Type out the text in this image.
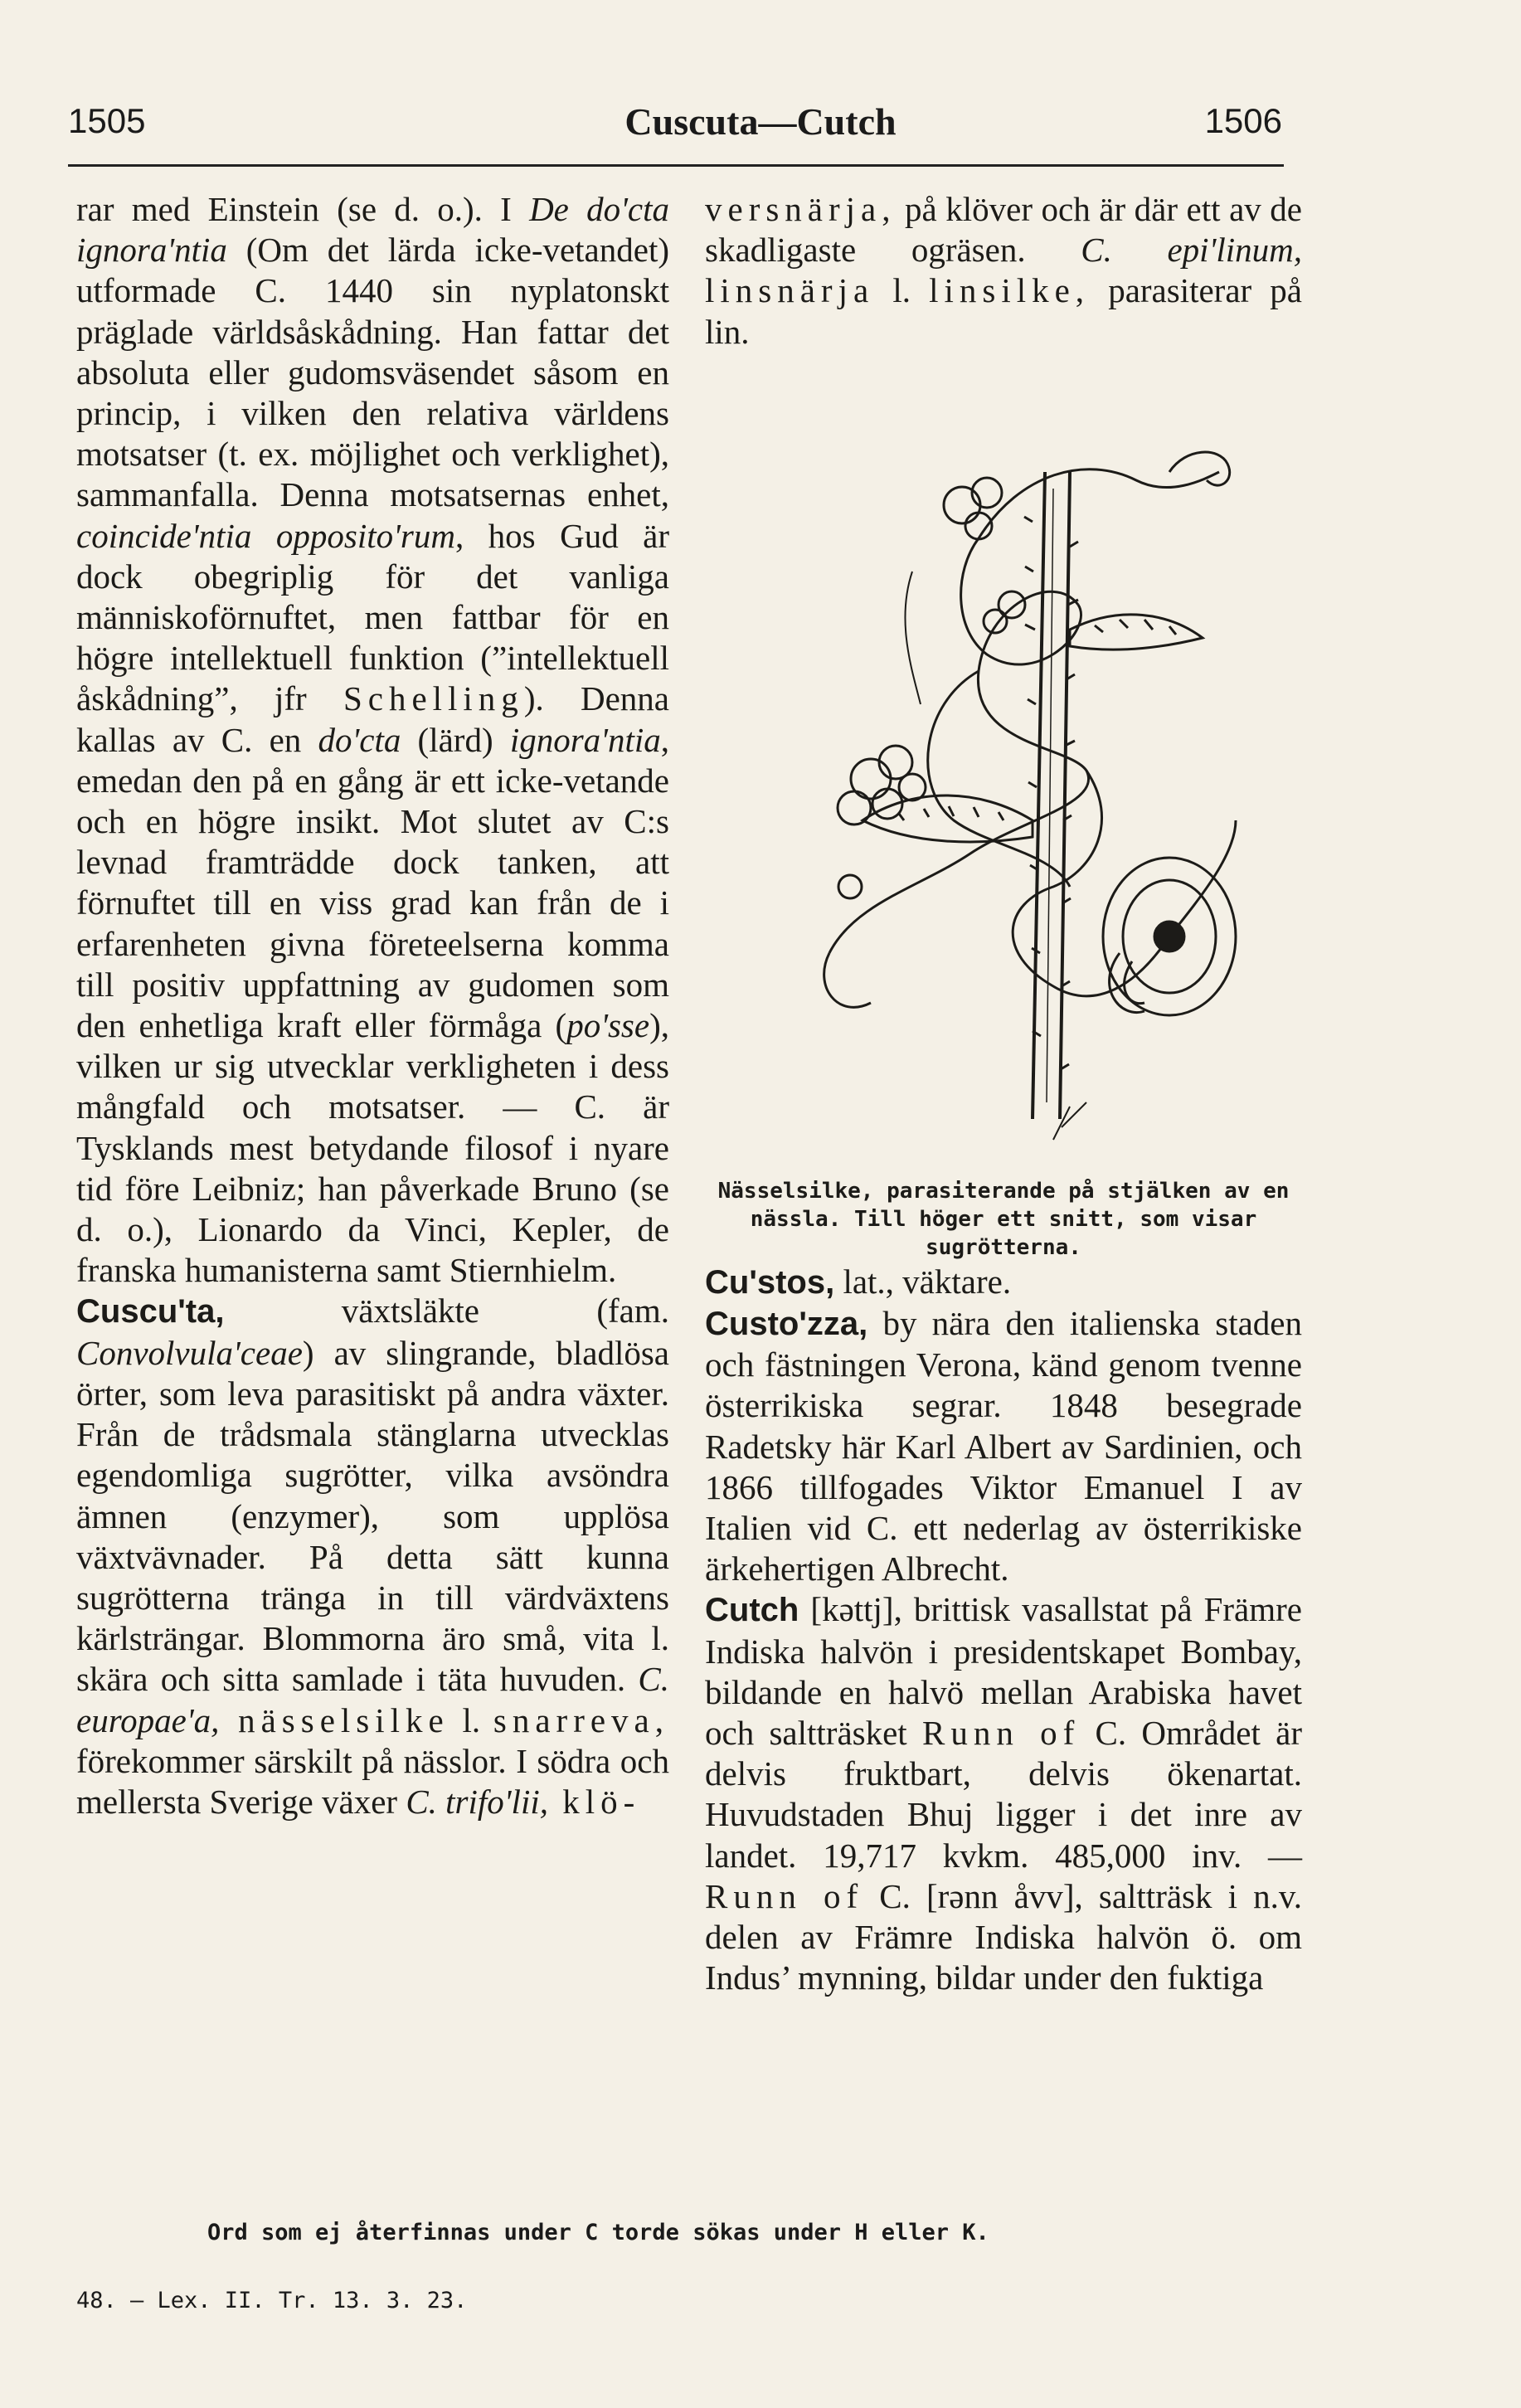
1505	Cuscuta—Cutch	1506

rar med Einstein (se d. o.). I De do'cta ignora'ntia (Om det lärda icke-vetandet) utformade C. 1440 sin nyplatonskt präglade världsåskådning. Han fattar det absoluta eller gudomsväsendet såsom en princip, i vilken den relativa världens motsatser (t. ex. möjlighet och verklighet), sammanfalla. Denna motsatsernas enhet, coincide'ntia opposito'rum, hos Gud är dock obegriplig för det vanliga människoförnuftet, men fattbar för en högre intellektuell funktion (”intellektuell åskådning”, jfr Schelling). Denna kallas av C. en do'cta (lärd) ignora'ntia, emedan den på en gång är ett icke-vetande och en högre insikt. Mot slutet av C:s levnad framträdde dock tanken, att förnuftet till en viss grad kan från de i erfarenheten givna företeelserna komma till positiv uppfattning av gudomen som den enhetliga kraft eller förmåga (po'sse), vilken ur sig utvecklar verkligheten i dess mångfald och motsatser. — C. är Tysklands mest betydande filosof i nyare tid före Leibniz; han påverkade Bruno (se d. o.), Lionardo da Vinci, Kepler, de franska humanisterna samt Stiernhielm.

Cuscu'ta, växtsläkte (fam. Convolvula'ceae) av slingrande, bladlösa örter, som leva parasitiskt på andra växter. Från de trådsmala stänglarna utvecklas egendomliga sugrötter, vilka avsöndra ämnen (enzymer), som upplösa växtvävnader. På detta sätt kunna sugrötterna tränga in till värdväxtens kärlsträngar. Blommorna äro små, vita l. skära och sitta samlade i täta huvuden. C. europae'a, nässelsilke l. snarreva, förekommer särskilt på nässlor. I södra och mellersta Sverige växer C. trifo'lii, klö-

versnärja, på klöver och är där ett av de skadligaste ogräsen. C. epi'linum, linsnärja l. linsilke, parasiterar på lin.

Nässelsilke, parasiterande på stjälken av en nässla. Till höger ett snitt, som visar sugrötterna.

Cu'stos, lat., väktare.

Custo'zza, by nära den italienska staden och fästningen Verona, känd genom tvenne österrikiska segrar. 1848 besegrade Radetsky här Karl Albert av Sardinien, och 1866 tillfogades Viktor Emanuel I av Italien vid C. ett nederlag av österrikiske ärkehertigen Albrecht.

Cutch [kəttj], brittisk vasallstat på Främre Indiska halvön i presidentskapet Bombay, bildande en halvö mellan Arabiska havet och saltträsket Runn of C. Området är delvis fruktbart, delvis ökenartat. Huvudstaden Bhuj ligger i det inre av landet. 19,717 kvkm. 485,000 inv. — Runn of C. [rənn åvv], saltträsk i n.v. delen av Främre Indiska halvön ö. om Indus’ mynning, bildar under den fuktiga

Ord som ej återfinnas under C torde sökas under H eller K.
48. — Lex. II. Tr. 13. 3. 23.
